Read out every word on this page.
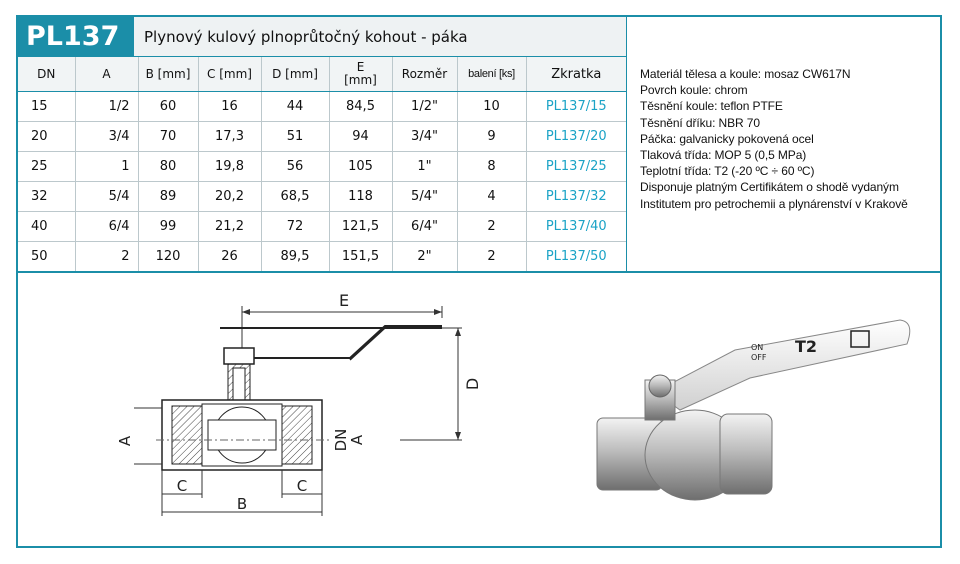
PL137	Plynový kulový plnoprůtočný kohout - páka
DN	A	B [mm]	C [mm]	D [mm]	E [mm]	Rozměr	balení [ks]	Zkratka
15	1/2	60	16	44	84,5	1/2"	10	PL137/15
20	3/4	70	17,3	51	94	3/4"	9	PL137/20
25	1	80	19,8	56	105	1"	8	PL137/25
32	5/4	89	20,2	68,5	118	5/4"	4	PL137/32
40	6/4	99	21,2	72	121,5	6/4"	2	PL137/40
50	2	120	26	89,5	151,5	2"	2	PL137/50
Materiál tělesa a koule: mosaz CW617N
Povrch koule: chrom
Těsnění koule: teflon PTFE
Těsnění dříku: NBR 70
Páčka: galvanicky pokovená ocel
Tlaková třída: MOP 5 (0,5 MPa)
Teplotní třída: T2 (-20 ºC ÷ 60 ºC)
Disponuje platným Certifikátem o shodě vydaným
Institutem pro petrochemii a plynárenství v Krakově
E
D
A	DN
A
C	C
B
ON
OFF
T2
